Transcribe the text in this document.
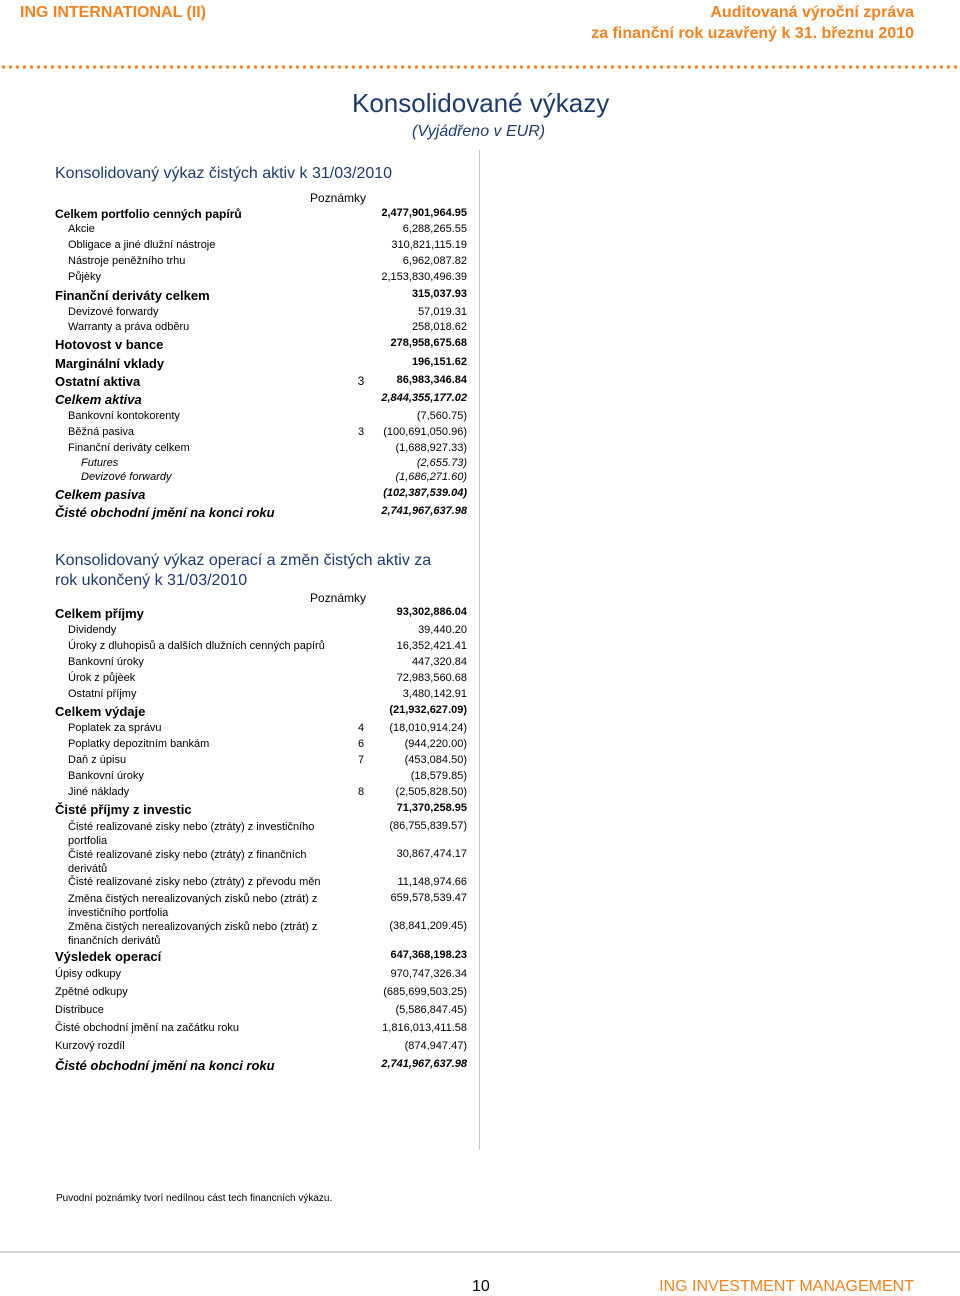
ING INTERNATIONAL (II)	Auditovaná výroční zpráva
za finanční rok uzavřený k 31. březnu 2010
Konsolidované výkazy
(Vyjádřeno v EUR)
Konsolidovaný výkaz čistých aktiv k 31/03/2010
Poznámky
Celkem portfolio cenných papírů	2,477,901,964.95
Akcie	6,288,265.55
Obligace a jiné dlužní nástroje	310,821,115.19
Nástroje peněžního trhu	6,962,087.82
Půjèky	2,153,830,496.39
Finanční deriváty celkem	315,037.93
Devizové forwardy	57,019.31
Warranty a práva odběru	258,018.62
Hotovost v bance	278,958,675.68
Marginální vklady	196,151.62
Ostatní aktiva	3	86,983,346.84
Celkem aktiva	2,844,355,177.02
Bankovní kontokorenty	(7,560.75)
Běžná pasiva	3 (100,691,050.96)
Finanční deriváty celkem	(1,688,927.33)
Futures	(2,655.73)
Devizové forwardy	(1,686,271.60)
Celkem pasiva	(102,387,539.04)
Čisté obchodní jmění na konci roku	2,741,967,637.98
Konsolidovaný výkaz operací a změn čistých aktiv za
rok ukončený k 31/03/2010
Poznámky
Celkem příjmy	93,302,886.04
Dividendy	39,440.20
Úroky z dluhopisů a dalších dlužních cenných papírů	16,352,421.41
Bankovní úroky	447,320.84
Úrok z půjèek	72,983,560.68
Ostatní příjmy	3,480,142.91
Celkem výdaje	(21,932,627.09)
Poplatek za správu	4 (18,010,914.24)
Poplatky depozitním bankám	6	(944,220.00)
Daň z úpisu	7	(453,084.50)
Bankovní úroky	(18,579.85)
Jiné náklady	8	(2,505,828.50)
Čisté příjmy z investic	71,370,258.95
Čisté realizované zisky nebo (ztráty) z investičního portfolia
(86,755,839.57)
Čisté realizované zisky nebo (ztráty) z finančních derivátů
30,867,474.17
Čisté realizované zisky nebo (ztráty) z převodu měn	11,148,974.66
Změna čistých nerealizovaných zisků nebo (ztrát) z investičního portfolia
659,578,539.47
Změna čistých nerealizovaných zisků nebo (ztrát) z finančních derivátů
(38,841,209.45)
Výsledek operací	647,368,198.23
Úpisy odkupy	970,747,326.34
Zpětné odkupy	(685,699,503.25)
Distribuce	(5,586,847.45)
Čisté obchodní jmění na začátku roku	1,816,013,411.58
Kurzový rozdíl	(874,947.47)
Čisté obchodní jmění na konci roku	2,741,967,637.98
Puvodní poznámky tvorí nedílnou cást tech financních výkazu.
10	ING INVESTMENT MANAGEMENT
